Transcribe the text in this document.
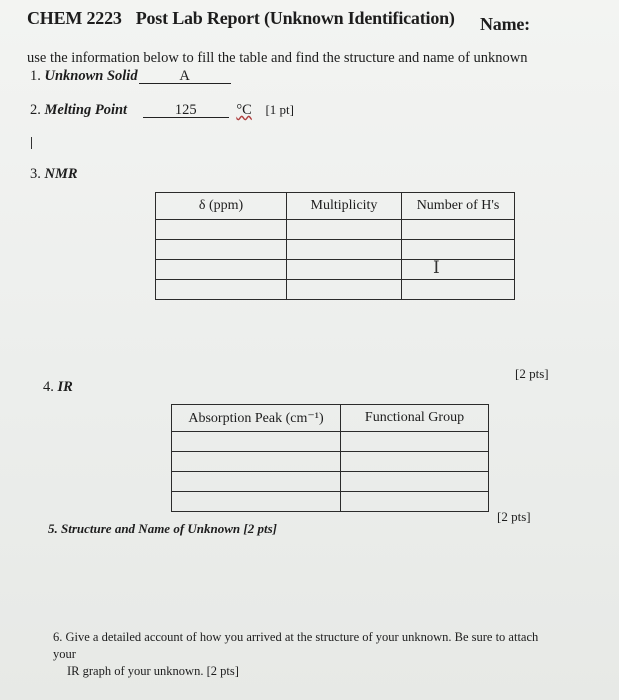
CHEM 2223 Post Lab Report (Unknown Identification) Name:
use the information below to fill the table and find the structure and name of unknown
1. Unknown Solid	A
2. Melting Point	125	°C [1 pt]
3. NMR
δ (ppm)	Multiplicity	Number of H's

I
[2 pts]
4. IR
Absorption Peak (cm⁻¹)	Functional Group

[2 pts]
5. Structure and Name of Unknown [2 pts]
6. Give a detailed account of how you arrived at the structure of your unknown. Be sure to attach
your
IR graph of your unknown. [2 pts]
